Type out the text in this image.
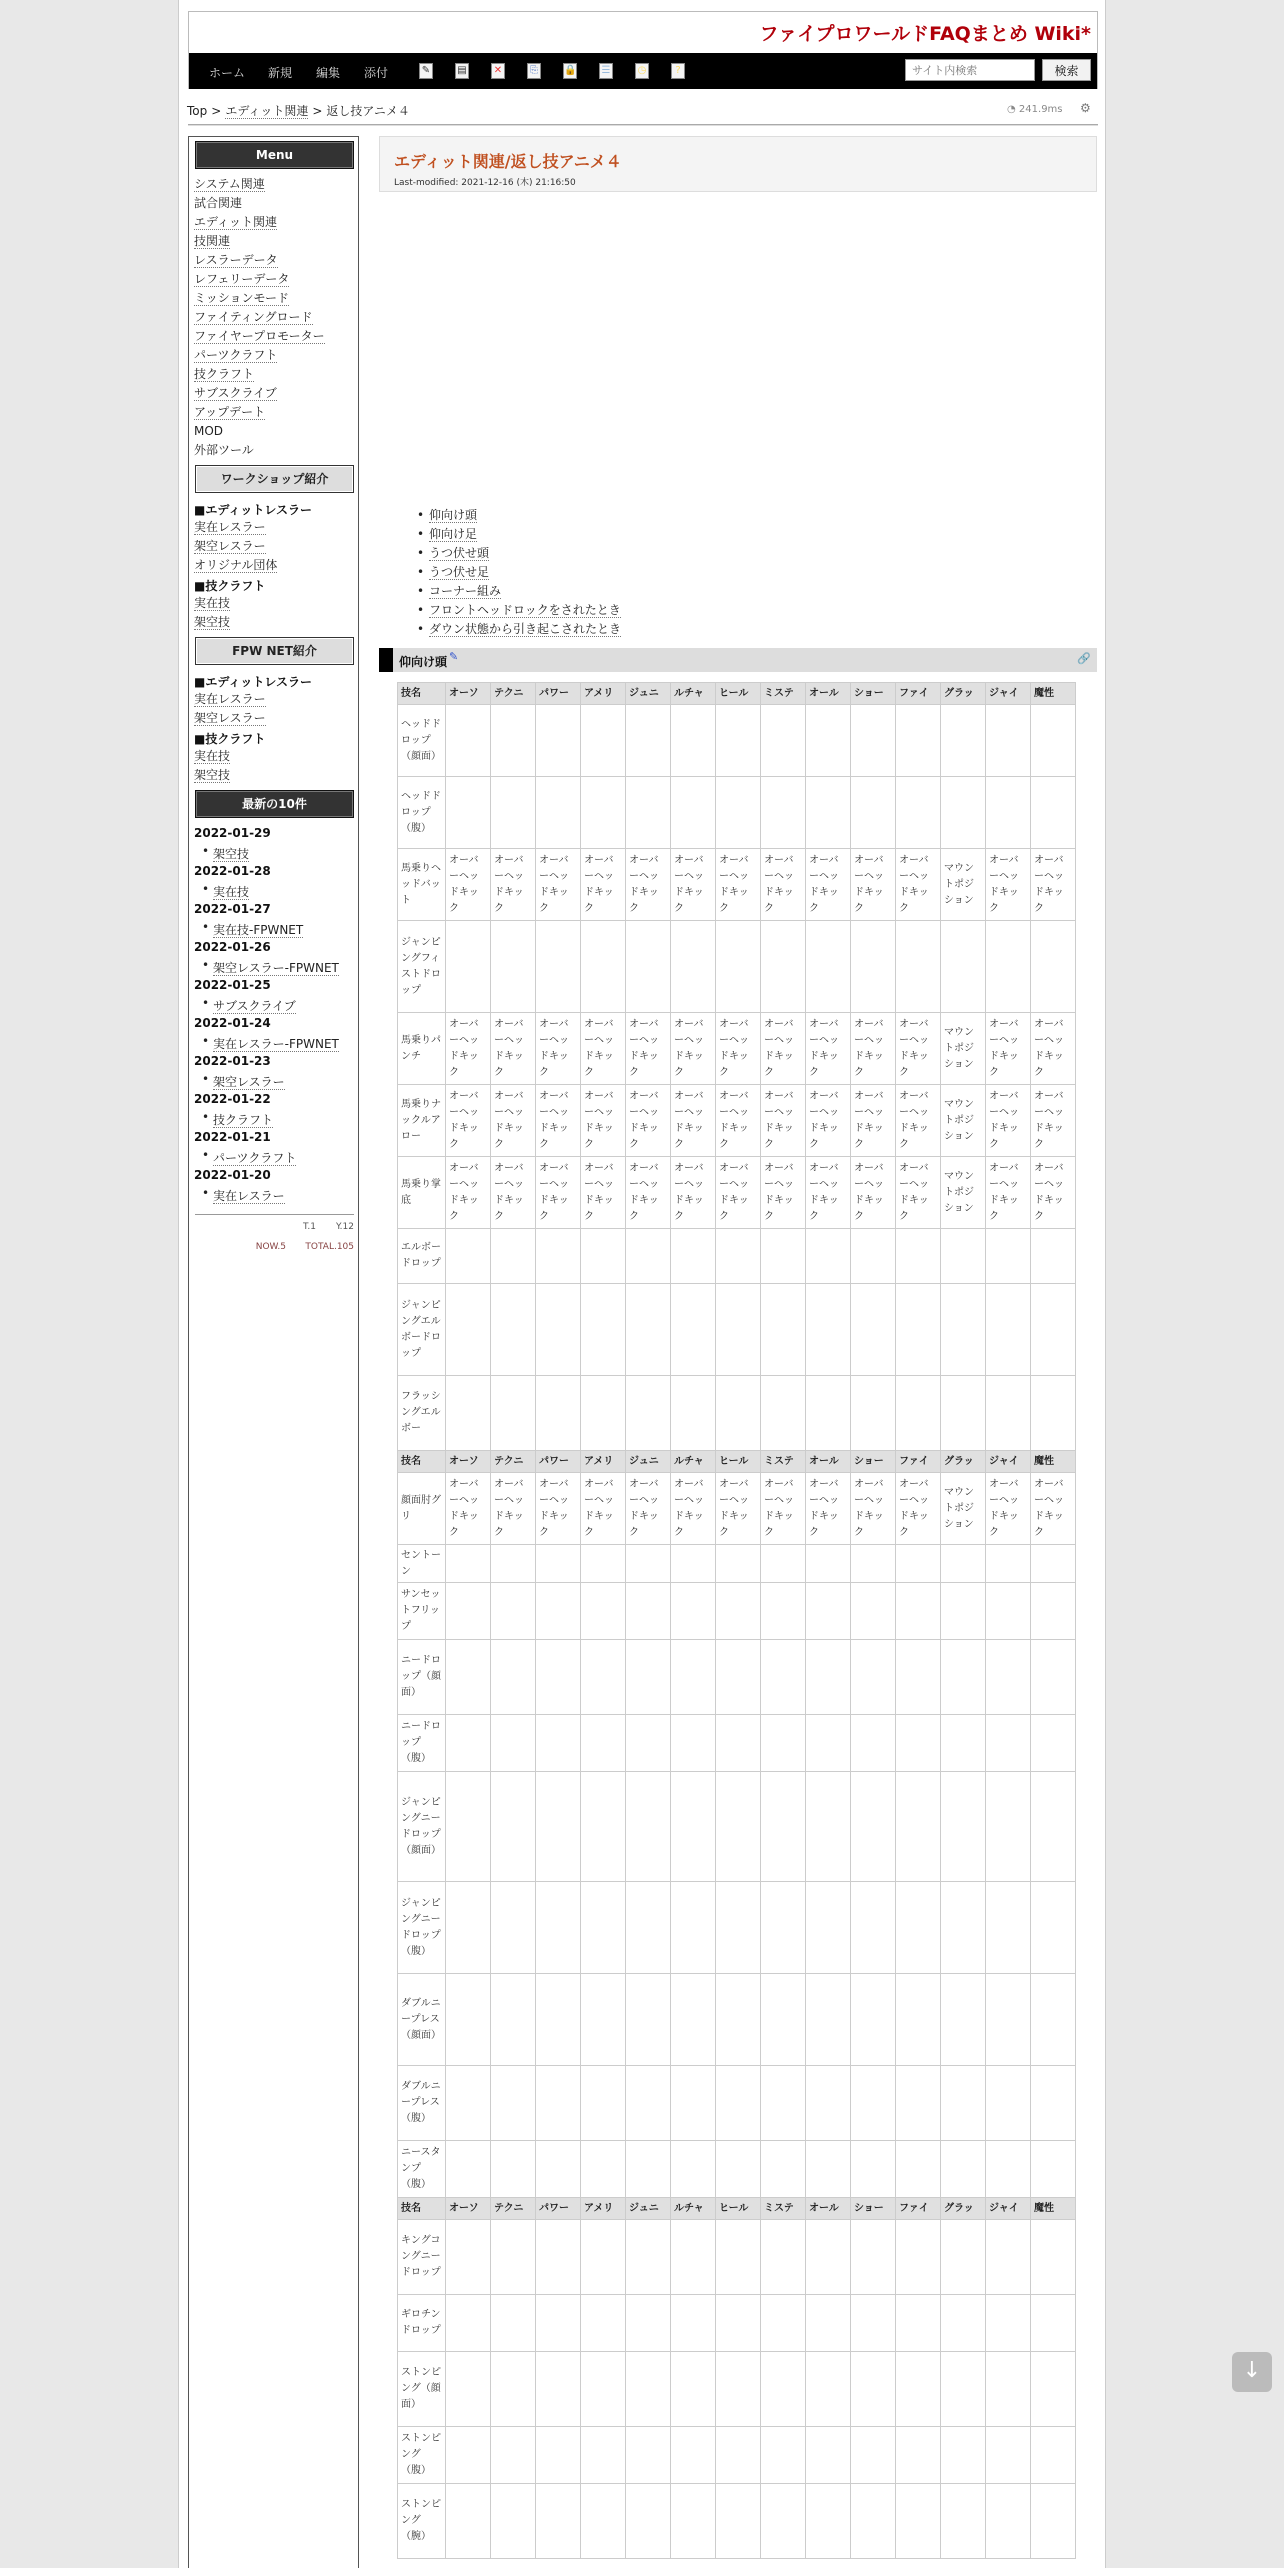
ファイプロワールドFAQまとめ Wiki*
ホーム 新規 編集 添付	✎	▤	✕	⎘	🔒	☰	◷	?
サイト内検索	検索
Top > エディット関連 > 返し技アニメ４	◔ 241.9ms ⚙
Menu
システム関連
試合関連
エディット関連
技関連
レスラーデータ
レフェリーデータ
ミッションモード
ファイティングロード
ファイヤープロモーター
パーツクラフト
技クラフト
サブスクライブ
アップデート
MOD
外部ツール
ワークショップ紹介
■エディットレスラー
実在レスラー
架空レスラー
オリジナル団体
■技クラフト
実在技
架空技
FPW NET紹介
■エディットレスラー
実在レスラー
架空レスラー
■技クラフト
実在技
架空技
最新の10件
2022-01-29
• 架空技
2022-01-28
• 実在技
2022-01-27
• 実在技-FPWNET
2022-01-26
• 架空レスラー-FPWNET
2022-01-25
• サブスクライブ
2022-01-24
• 実在レスラー-FPWNET
2022-01-23
• 架空レスラー
2022-01-22
• 技クラフト
2022-01-21
• パーツクラフト
2022-01-20
• 実在レスラー
T.1 Y.12
NOW.5 TOTAL.105
エディット関連/返し技アニメ４
Last-modified: 2021-12-16 (木) 21:16:50
• 仰向け頭
• 仰向け足
• うつ伏せ頭
• うつ伏せ足
• コーナー組み
• フロントヘッドロックをされたとき
• ダウン状態から引き起こされたとき
仰向け頭 ✎	🔗
技名	オーソ	テクニ	パワー	アメリ	ジュニ	ルチャ	ヒール	ミステ	オール	ショー	ファイ	グラッ	ジャイ	魔性
ヘッドドロップ（顔面）														
ヘッドドロップ（腹）														
馬乗りヘッドバット	オーバーヘッドキック	オーバーヘッドキック	オーバーヘッドキック	オーバーヘッドキック	オーバーヘッドキック	オーバーヘッドキック	オーバーヘッドキック	オーバーヘッドキック	オーバーヘッドキック	オーバーヘッドキック	オーバーヘッドキック	マウントポジション	オーバーヘッドキック	オーバーヘッドキック
ジャンピングフィストドロップ														
馬乗りパンチ	オーバーヘッドキック	オーバーヘッドキック	オーバーヘッドキック	オーバーヘッドキック	オーバーヘッドキック	オーバーヘッドキック	オーバーヘッドキック	オーバーヘッドキック	オーバーヘッドキック	オーバーヘッドキック	オーバーヘッドキック	マウントポジション	オーバーヘッドキック	オーバーヘッドキック
馬乗りナックルアロー	オーバーヘッドキック	オーバーヘッドキック	オーバーヘッドキック	オーバーヘッドキック	オーバーヘッドキック	オーバーヘッドキック	オーバーヘッドキック	オーバーヘッドキック	オーバーヘッドキック	オーバーヘッドキック	オーバーヘッドキック	マウントポジション	オーバーヘッドキック	オーバーヘッドキック
馬乗り掌底	オーバーヘッドキック	オーバーヘッドキック	オーバーヘッドキック	オーバーヘッドキック	オーバーヘッドキック	オーバーヘッドキック	オーバーヘッドキック	オーバーヘッドキック	オーバーヘッドキック	オーバーヘッドキック	オーバーヘッドキック	マウントポジション	オーバーヘッドキック	オーバーヘッドキック
エルボードロップ														
ジャンピングエルボードロップ														
フラッシングエルボー														
技名	オーソ	テクニ	パワー	アメリ	ジュニ	ルチャ	ヒール	ミステ	オール	ショー	ファイ	グラッ	ジャイ	魔性
顔面肘グリ	オーバーヘッドキック	オーバーヘッドキック	オーバーヘッドキック	オーバーヘッドキック	オーバーヘッドキック	オーバーヘッドキック	オーバーヘッドキック	オーバーヘッドキック	オーバーヘッドキック	オーバーヘッドキック	オーバーヘッドキック	マウントポジション	オーバーヘッドキック	オーバーヘッドキック
セントーン														
サンセットフリップ														
ニードロップ（顔面）														
ニードロップ（腹）														
ジャンピングニードロップ（顔面）														
ジャンピングニードロップ（腹）														
ダブルニープレス（顔面）														
ダブルニープレス（腹）														
ニースタンプ（腹）														
技名	オーソ	テクニ	パワー	アメリ	ジュニ	ルチャ	ヒール	ミステ	オール	ショー	ファイ	グラッ	ジャイ	魔性
キングコングニードロップ														
ギロチンドロップ														
ストンピング（顔面）														
ストンピング（腹）														
ストンピング（腕）														
↓
